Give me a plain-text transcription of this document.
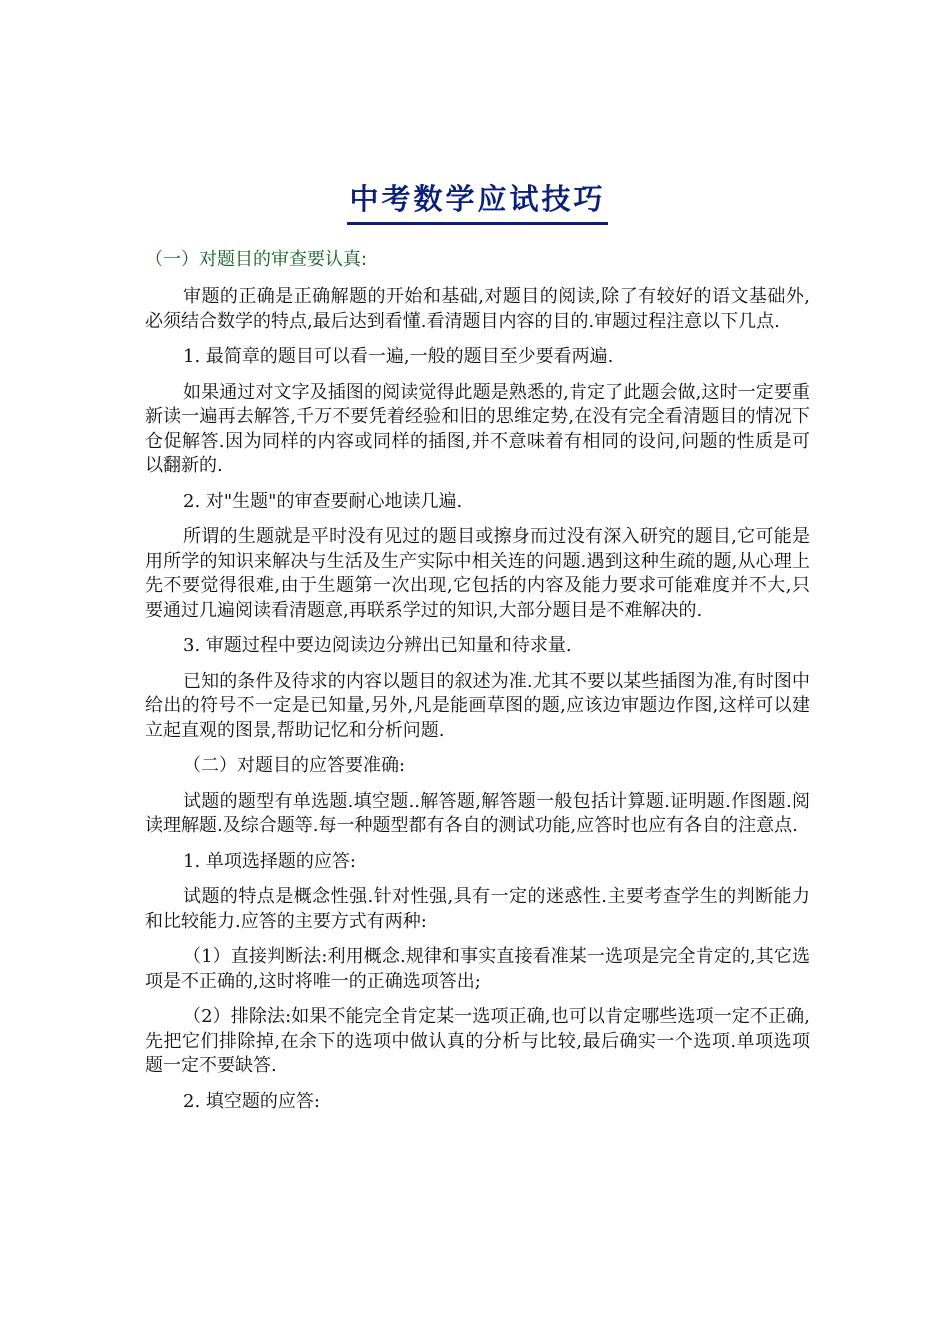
中考数学应试技巧
（一）对题目的审查要认真:

审题的正确是正确解题的开始和基础,对题目的阅读,除了有较好的语文基础外,必须结合数学的特点,最后达到看懂.看清题目内容的目的.审题过程注意以下几点.

1. 最简章的题目可以看一遍,一般的题目至少要看两遍.

如果通过对文字及插图的阅读觉得此题是熟悉的,肯定了此题会做,这时一定要重新读一遍再去解答,千万不要凭着经验和旧的思维定势,在没有完全看清题目的情况下仓促解答.因为同样的内容或同样的插图,并不意味着有相同的设问,问题的性质是可以翻新的.

2. 对"生题"的审查要耐心地读几遍.

所谓的生题就是平时没有见过的题目或擦身而过没有深入研究的题目,它可能是用所学的知识来解决与生活及生产实际中相关连的问题.遇到这种生疏的题,从心理上先不要觉得很难,由于生题第一次出现,它包括的内容及能力要求可能难度并不大,只要通过几遍阅读看清题意,再联系学过的知识,大部分题目是不难解决的.

3. 审题过程中要边阅读边分辨出已知量和待求量.

已知的条件及待求的内容以题目的叙述为准.尤其不要以某些插图为准,有时图中给出的符号不一定是已知量,另外,凡是能画草图的题,应该边审题边作图,这样可以建立起直观的图景,帮助记忆和分析问题.

（二）对题目的应答要准确:

试题的题型有单选题.填空题..解答题,解答题一般包括计算题.证明题.作图题.阅读理解题.及综合题等.每一种题型都有各自的测试功能,应答时也应有各自的注意点.

1. 单项选择题的应答:

试题的特点是概念性强.针对性强,具有一定的迷惑性.主要考查学生的判断能力和比较能力.应答的主要方式有两种:

（1）直接判断法:利用概念.规律和事实直接看准某一选项是完全肯定的,其它选项是不正确的,这时将唯一的正确选项答出;

（2）排除法:如果不能完全肯定某一选项正确,也可以肯定哪些选项一定不正确,先把它们排除掉,在余下的选项中做认真的分析与比较,最后确实一个选项.单项选项题一定不要缺答.

2. 填空题的应答:
